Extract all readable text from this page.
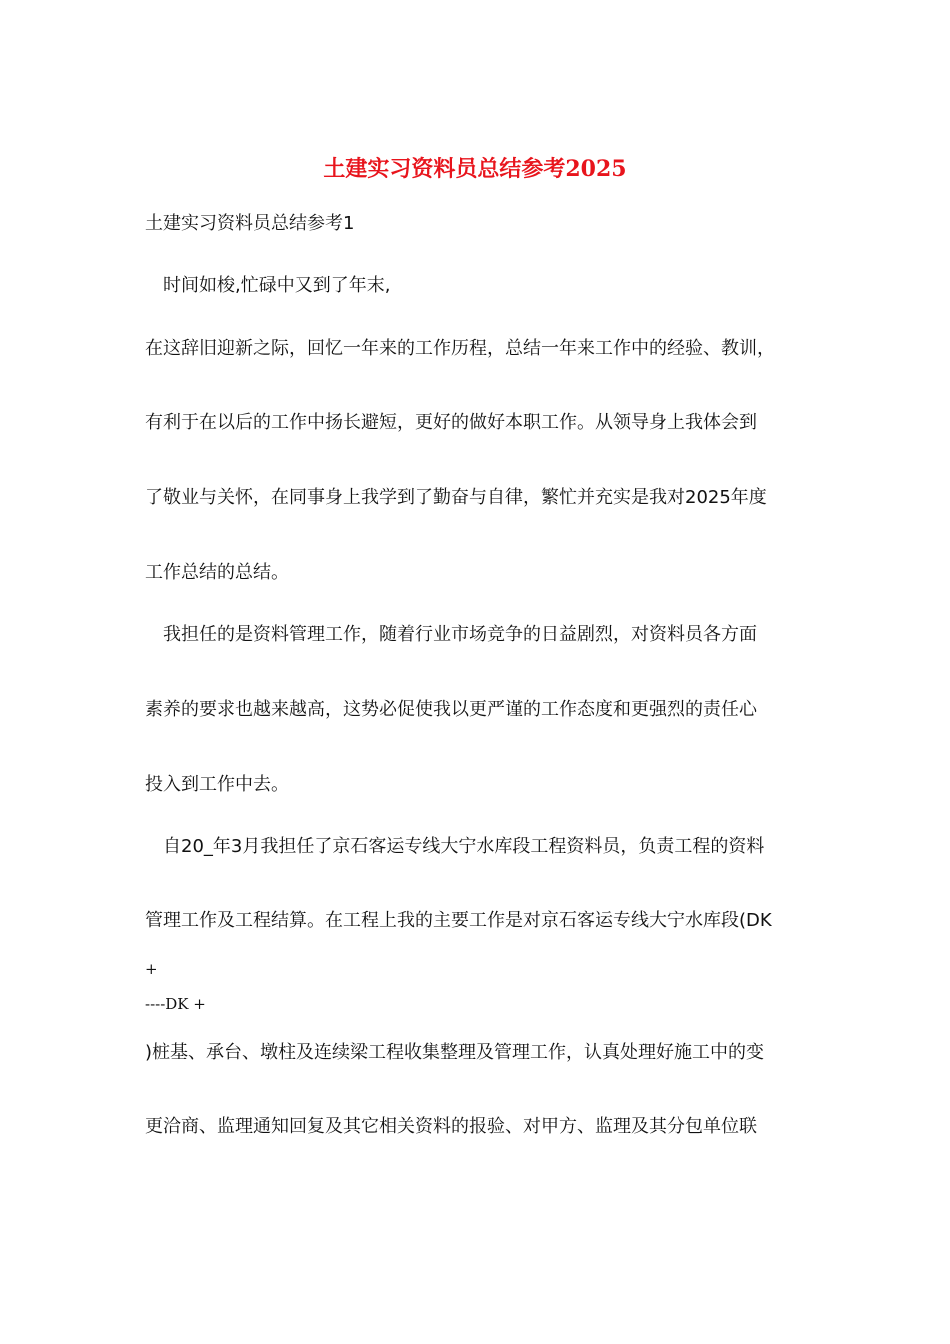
土建实习资料员总结参考2025
土建实习资料员总结参考1
时间如梭,忙碌中又到了年末,
在这辞旧迎新之际，回忆一年来的工作历程，总结一年来工作中的经验、教训，
有利于在以后的工作中扬长避短，更好的做好本职工作。从领导身上我体会到
了敬业与关怀，在同事身上我学到了勤奋与自律，繁忙并充实是我对2025年度
工作总结的总结。
我担任的是资料管理工作，随着行业市场竞争的日益剧烈，对资料员各方面
素养的要求也越来越高，这势必促使我以更严谨的工作态度和更强烈的责任心
投入到工作中去。
自20_年3月我担任了京石客运专线大宁水库段工程资料员，负责工程的资料
管理工作及工程结算。在工程上我的主要工作是对京石客运专线大宁水库段(DK
+
----DK +
)桩基、承台、墩柱及连续梁工程收集整理及管理工作，认真处理好施工中的变
更洽商、监理通知回复及其它相关资料的报验、对甲方、监理及其分包单位联
